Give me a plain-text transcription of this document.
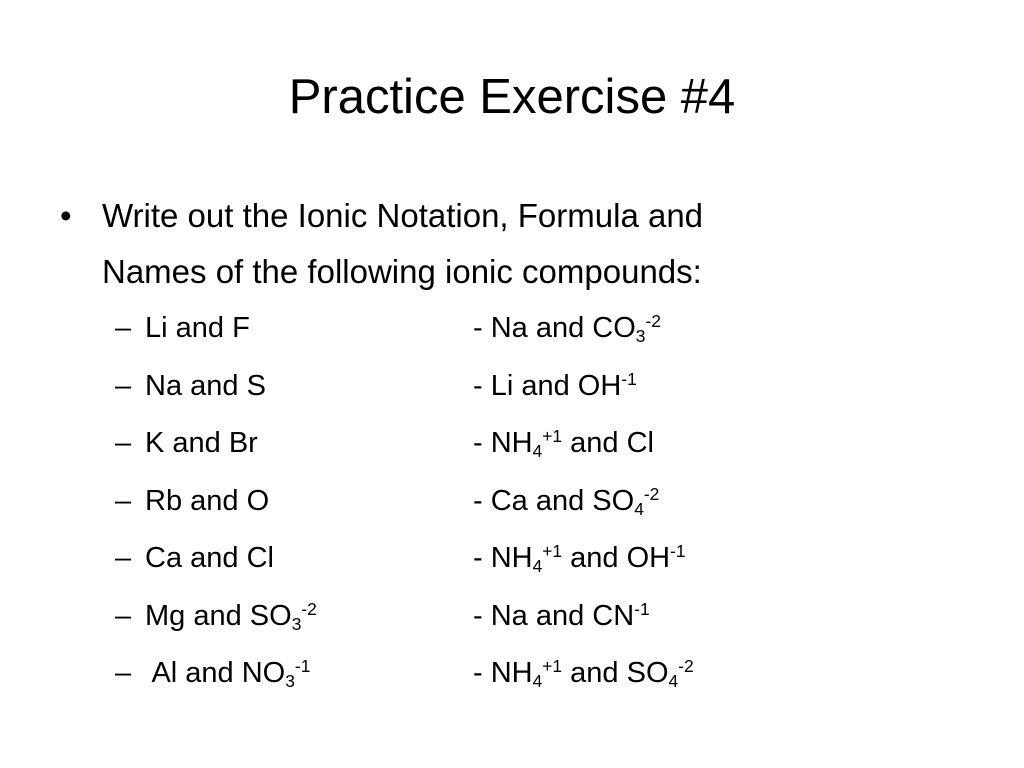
Practice Exercise #4
• Write out the Ionic Notation, Formula and
Names of the following ionic compounds:
– Li and F	- Na and $CO_3^{-2}$
– Na and S	- Li and $OH^{-1}$
– K and Br	- $NH_4^{+1}$ and Cl
– Rb and O	- Ca and $SO_4^{-2}$
– Ca and Cl	- $NH_4^{+1}$ and $OH^{-1}$
– Mg and $SO_3^{-2}$	- Na and $CN^{-1}$
– Al and $NO_3^{-1}$	- $NH_4^{+1}$ and $SO_4^{-2}$
